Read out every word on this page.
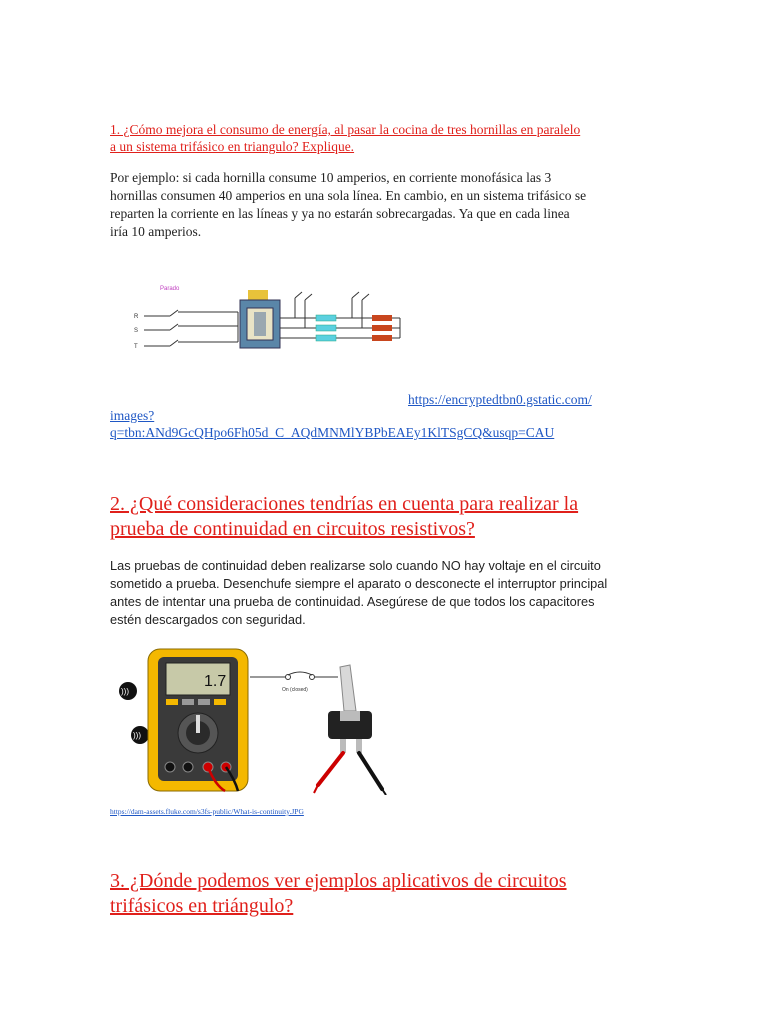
1. ¿Cómo mejora el consumo de energía, al pasar la cocina de tres hornillas en paralelo
a un sistema trifásico en triangulo? Explique.

Por ejemplo: si cada hornilla consume 10 amperios, en corriente monofásica las 3
hornillas consumen 40 amperios en una sola línea. En cambio, en un sistema trifásico se
reparten la corriente en las líneas y ya no estarán sobrecargadas. Ya que en cada linea
iría 10 amperios.

Parado
R
S
T
https://encryptedtbn0.gstatic.com/
images?
q=tbn:ANd9GcQHpo6Fh05d_C_AQdMNMlYBPbEAEy1KlTSgCQ&usqp=CAU
2. ¿Qué consideraciones tendrías en cuenta para realizar la
prueba de continuidad en circuitos resistivos?

Las pruebas de continuidad deben realizarse solo cuando NO hay voltaje en el circuito
sometido a prueba. Desenchufe siempre el aparato o desconecte el interruptor principal
antes de intentar una prueba de continuidad. Asegúrese de que todos los capacitores
estén descargados con seguridad.

)))
)))
1.7	On (closed)
https://dam-assets.fluke.com/s3fs-public/What-is-continuity.JPG
3. ¿Dónde podemos ver ejemplos aplicativos de circuitos
trifásicos en triángulo?
